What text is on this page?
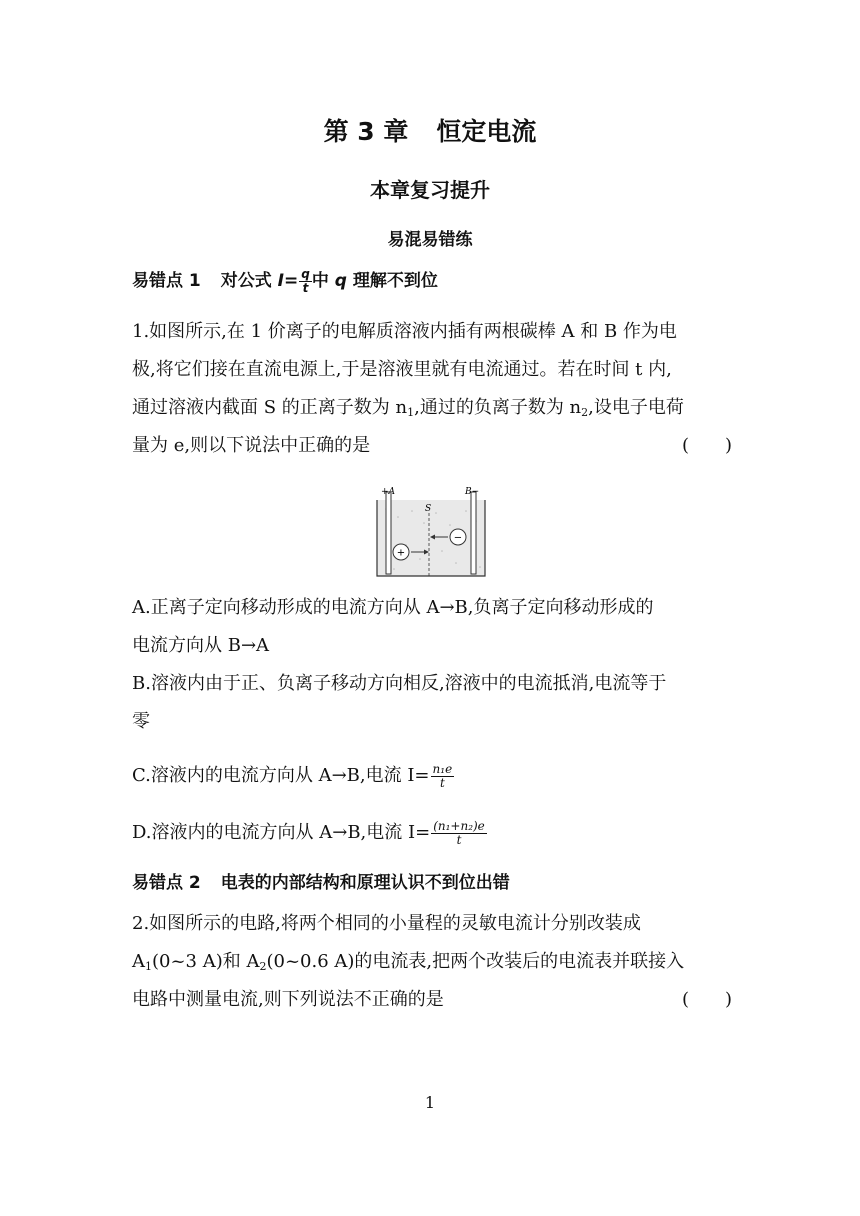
第 3 章 恒定电流
本章复习提升
易混易错练
易错点 1 对公式 $I= \frac{q}{t}$ 中 q 理解不到位
1.如图所示,在 1 价离子的电解质溶液内插有两根碳棒 A 和 B 作为电
极,将它们接在直流电源上,于是溶液里就有电流通过。若在时间 t 内,
通过溶液内截面 S 的正离子数为 $n_1$,通过的负离子数为 $n_2$,设电子电荷
量为 e,则以下说法中正确的是	(　　)
+A	B−
S
−
+
A.正离子定向移动形成的电流方向从 A→B,负离子定向移动形成的
电流方向从 B→A
B.溶液内由于正、负离子移动方向相反,溶液中的电流抵消,电流等于
零
C.溶液内的电流方向从 A→B,电流 $I= \frac{\text{n₁e}}{t}$
D.溶液内的电流方向从 A→B,电流 $I= \frac{\text{(n₁+n₂)e}}{t}$
易错点 2 电表的内部结构和原理认识不到位出错
2.如图所示的电路,将两个相同的小量程的灵敏电流计分别改装成
$A_1(0\sim 3$ A)和 $A_2(0\sim 0.6$ A)的电流表,把两个改装后的电流表并联接入
电路中测量电流,则下列说法不正确的是	(　　)
1
